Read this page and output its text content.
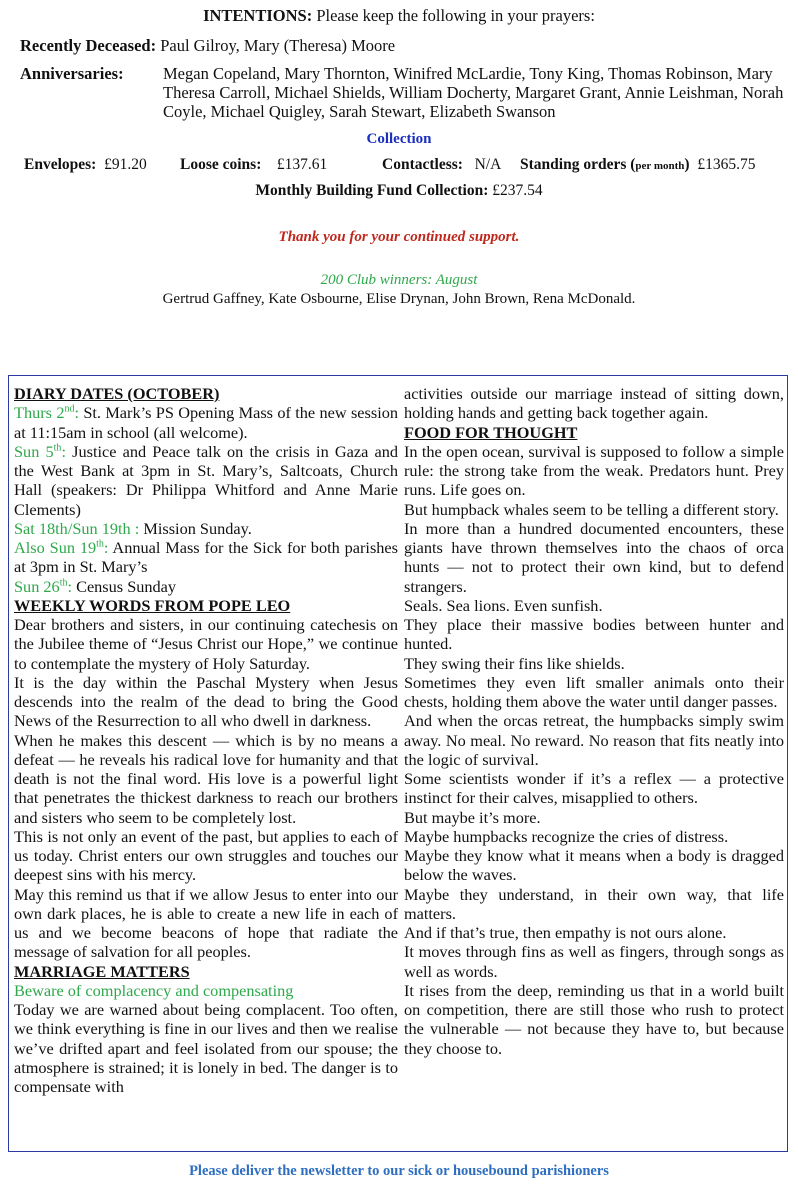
INTENTIONS: Please keep the following in your prayers:
Recently Deceased: Paul Gilroy, Mary (Theresa) Moore
Anniversaries: Megan Copeland, Mary Thornton, Winifred McLardie, Tony King, Thomas Robinson, Mary Theresa Carroll, Michael Shields, William Docherty, Margaret Grant, Annie Leishman, Norah Coyle, Michael Quigley, Sarah Stewart, Elizabeth Swanson
Collection
Envelopes: £91.20 Loose coins: £137.61	Contactless: N/A Standing orders (per month) £1365.75
Monthly Building Fund Collection: £237.54
Thank you for your continued support.
200 Club winners: August
Gertrud Gaffney, Kate Osbourne, Elise Drynan, John Brown, Rena McDonald.

DIARY DATES (OCTOBER)

Thurs 2nd: St. Mark’s PS Opening Mass of the new session at 11:15am in school (all welcome).

Sun 5th: Justice and Peace talk on the crisis in Gaza and the West Bank at 3pm in St. Mary’s, Saltcoats, Church Hall (speakers: Dr Philippa Whitford and Anne Marie Clements)

Sat 18th/Sun 19th : Mission Sunday.

Also Sun 19th: Annual Mass for the Sick for both parishes at 3pm in St. Mary’s

Sun 26th: Census Sunday

WEEKLY WORDS FROM POPE LEO

Dear brothers and sisters, in our continuing catechesis on the Jubilee theme of “Jesus Christ our Hope,” we continue to contemplate the mystery of Holy Saturday.

It is the day within the Paschal Mystery when Jesus descends into the realm of the dead to bring the Good News of the Resurrection to all who dwell in darkness.

When he makes this descent — which is by no means a defeat — he reveals his radical love for humanity and that death is not the final word. His love is a powerful light that penetrates the thickest darkness to reach our brothers and sisters who seem to be completely lost.

This is not only an event of the past, but applies to each of us today. Christ enters our own struggles and touches our deepest sins with his mercy.

May this remind us that if we allow Jesus to enter into our own dark places, he is able to create a new life in each of us and we become beacons of hope that radiate the message of salvation for all peoples.

MARRIAGE MATTERS

Beware of complacency and compensating

Today we are warned about being complacent. Too often, we think everything is fine in our lives and then we realise we’ve drifted apart and feel isolated from our spouse; the atmosphere is strained; it is lonely in bed. The danger is to compensate with

activities outside our marriage instead of sitting down, holding hands and getting back together again.

FOOD FOR THOUGHT

In the open ocean, survival is supposed to follow a simple rule: the strong take from the weak. Predators hunt. Prey runs. Life goes on.

But humpback whales seem to be telling a different story.

In more than a hundred documented encounters, these giants have thrown themselves into the chaos of orca hunts — not to protect their own kind, but to defend strangers.

Seals. Sea lions. Even sunfish.

They place their massive bodies between hunter and hunted.

They swing their fins like shields.

Sometimes they even lift smaller animals onto their chests, holding them above the water until danger passes.

And when the orcas retreat, the humpbacks simply swim away. No meal. No reward. No reason that fits neatly into the logic of survival.

Some scientists wonder if it’s a reflex — a protective instinct for their calves, misapplied to others.

But maybe it’s more.

Maybe humpbacks recognize the cries of distress.

Maybe they know what it means when a body is dragged below the waves.

Maybe they understand, in their own way, that life matters.

And if that’s true, then empathy is not ours alone.

It moves through fins as well as fingers, through songs as well as words.

It rises from the deep, reminding us that in a world built on competition, there are still those who rush to protect the vulnerable — not because they have to, but because they choose to.

Please deliver the newsletter to our sick or housebound parishioners
